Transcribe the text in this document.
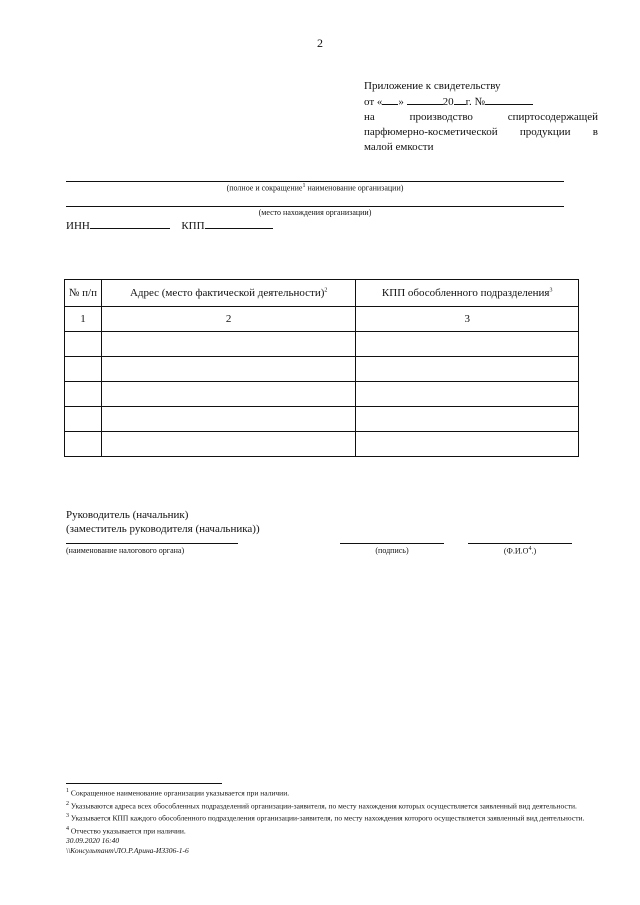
2
Приложение к свидетельству
от « »	20 г. №
на	производство	спиртосодержащей
парфюмерно-косметической продукции в
малой емкости
(полное и сокращение$^1$ наименование организации)
(место нахождения организации)
ИНН	КПП
№ п/п	Адрес (место фактической деятельности)$^2$	КПП обособленного подразделения$^3$
1	2	3

Руководитель (начальник)
(заместитель руководителя (начальника))
(наименование налогового органа)	(подпись)	$(Ф.И.О^4.)$
$^1$ Сокращенное наименование организации указывается при наличии.
$^2$ Указываются адреса всех обособленных подразделений организации-заявителя, по месту нахождения которых осуществляется заявленный вид деятельности.
$^3$ Указывается КПП каждого обособленного подразделения организации-заявителя, по месту нахождения которого осуществляется заявленный вид деятельности.
$^4$ Отчество указывается при наличии.
30.09.2020 16:40
\\Консультант\ЛО.Р.Арина-ИЗ306-1-6
